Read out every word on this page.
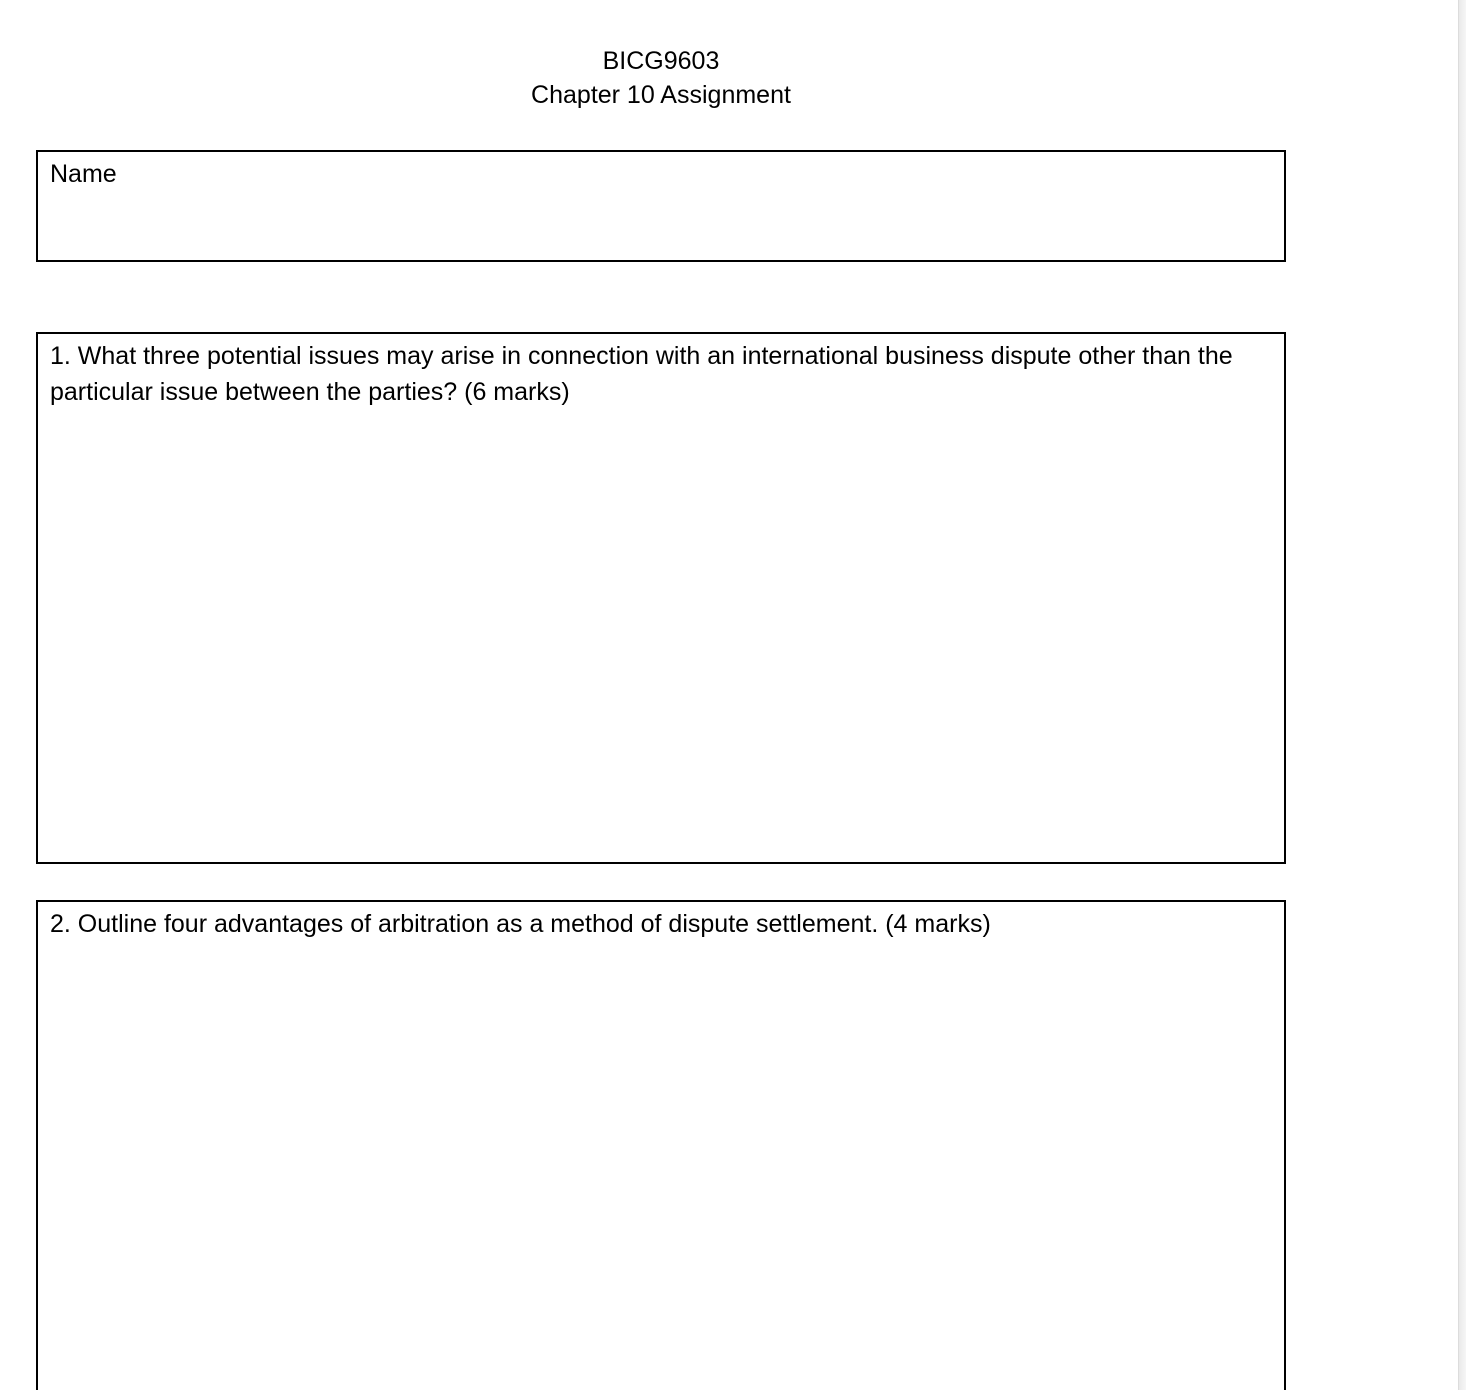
BICG9603
Chapter 10 Assignment
Name
1. What three potential issues may arise in connection with an international business dispute other than the particular issue between the parties? (6 marks)
2. Outline four advantages of arbitration as a method of dispute settlement. (4 marks)
